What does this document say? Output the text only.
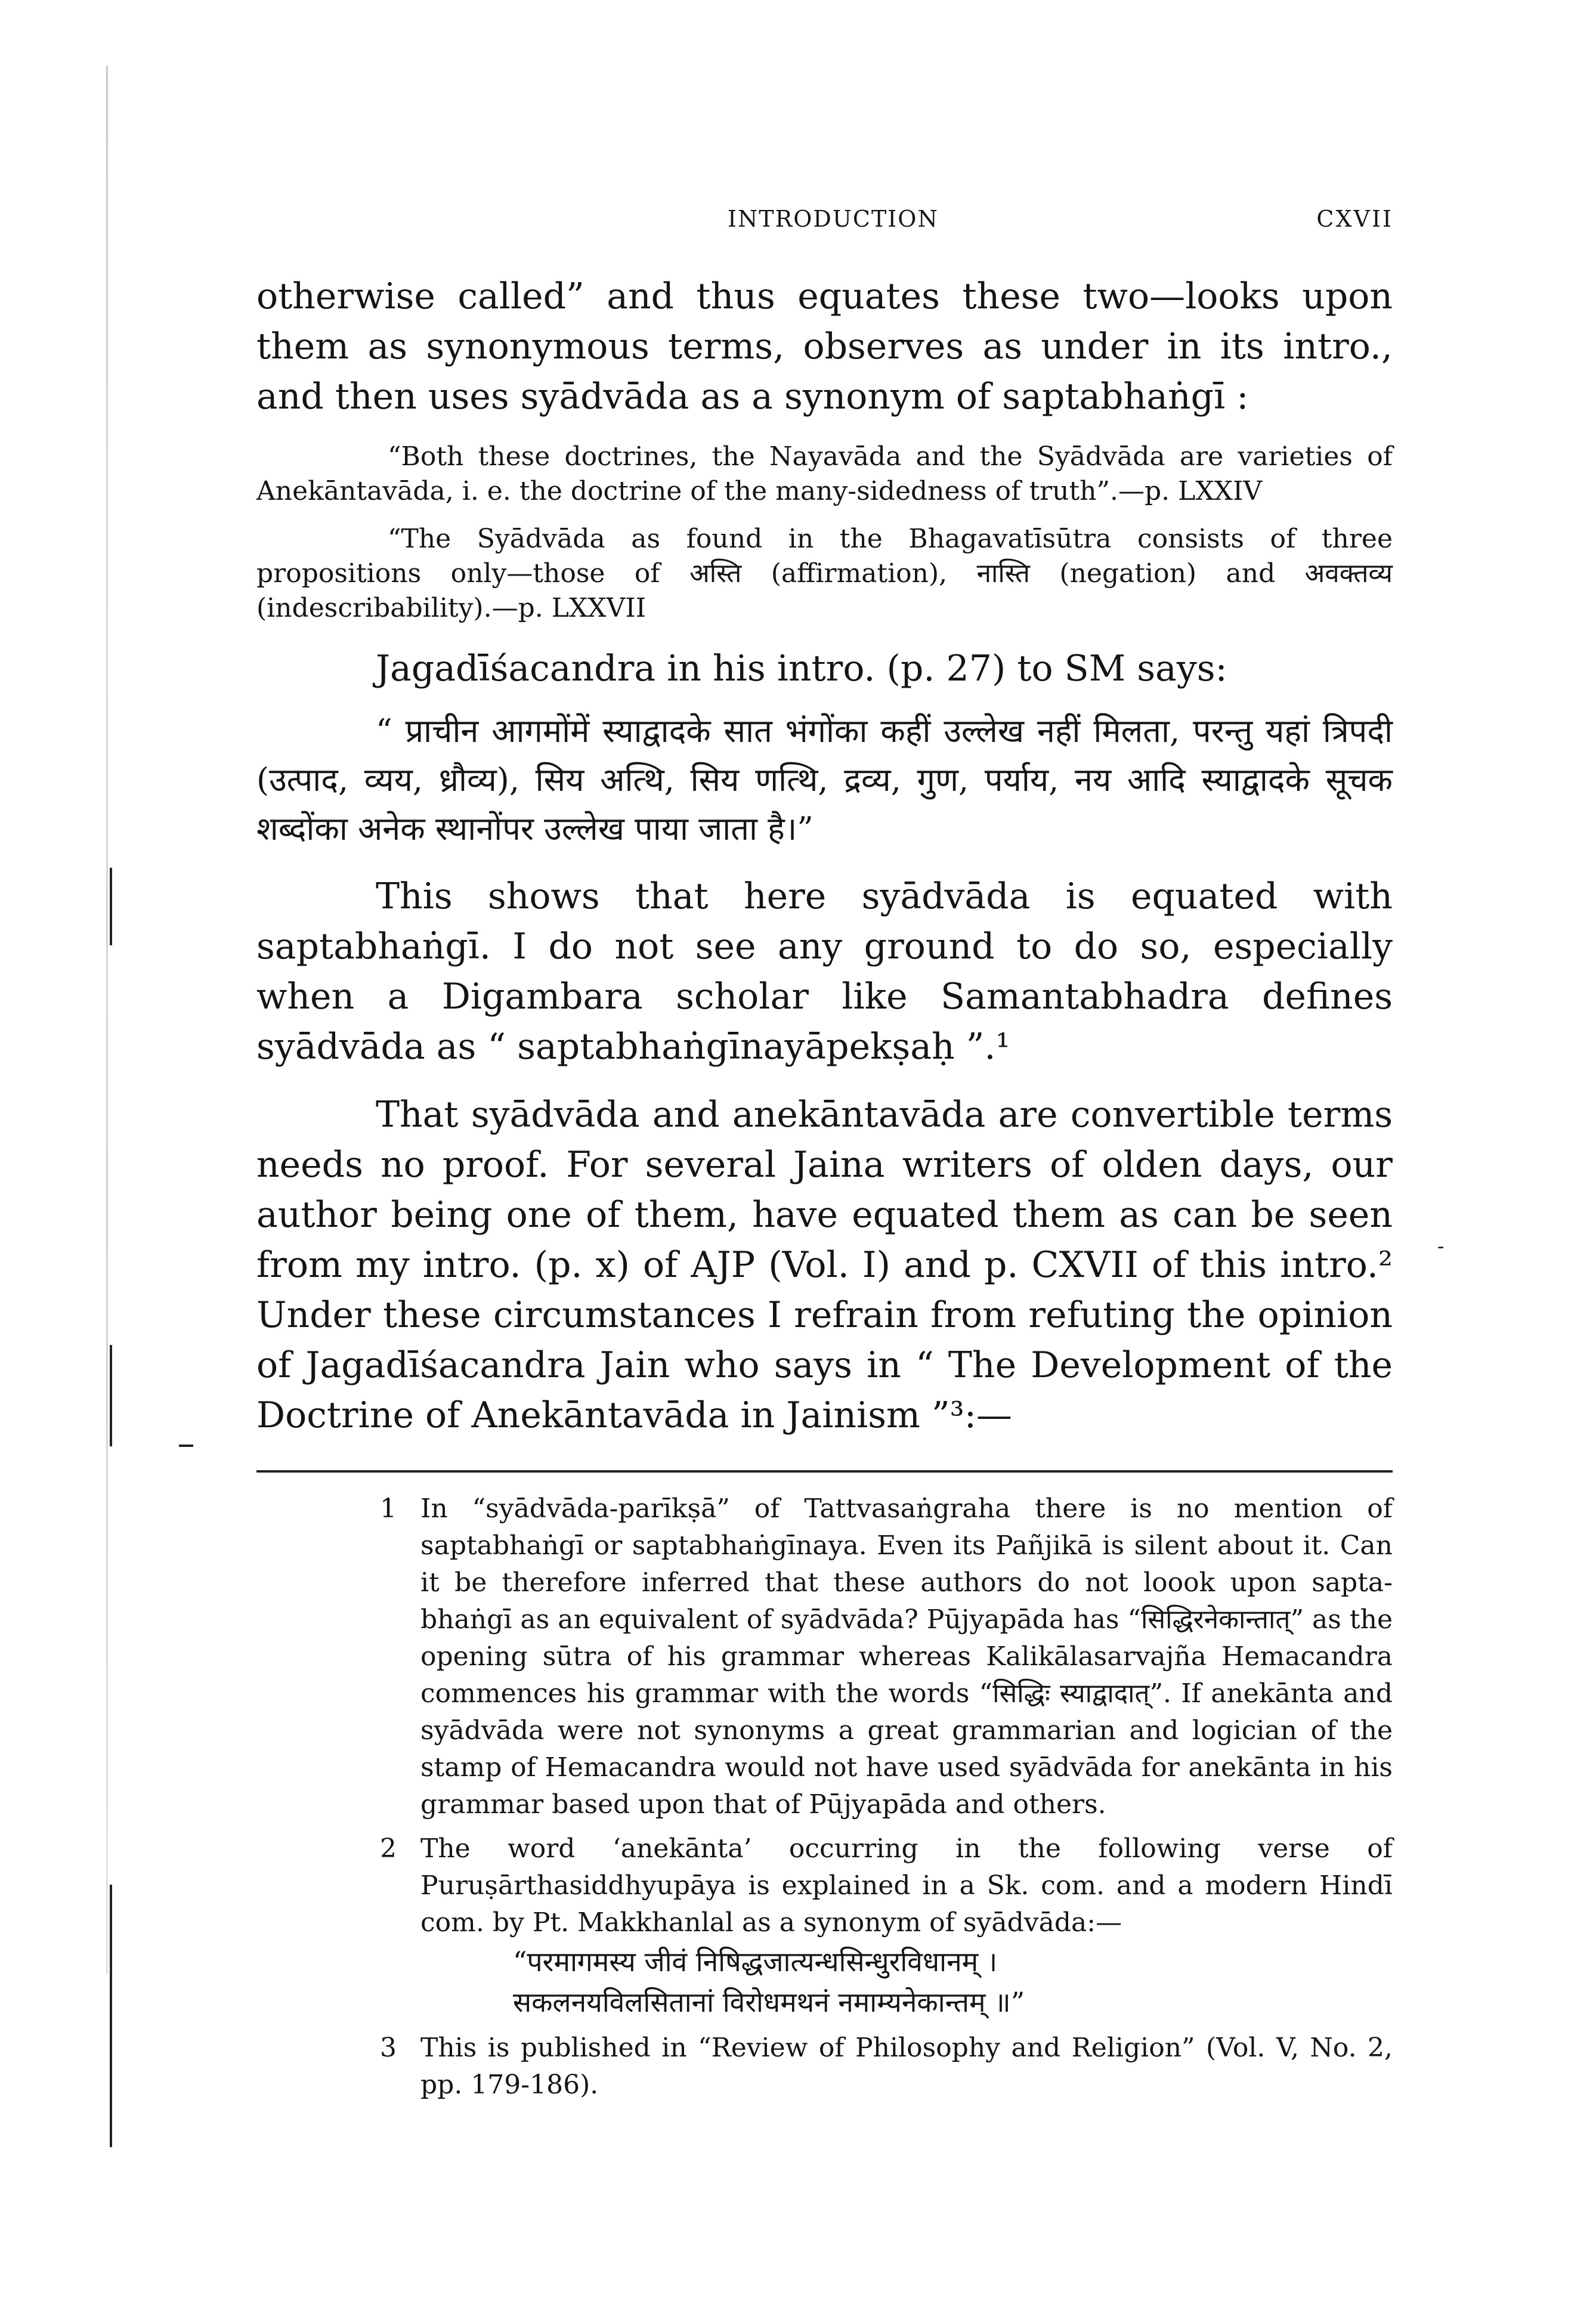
-
INTRODUCTION	CXVII

otherwise called” and thus equates these two—looks upon them as synonymous terms, observes as under in its intro., and then uses syādvāda as a synonym of saptabhaṅgī :

“Both these doctrines, the Nayavāda and the Syādvāda are varieties of Anekāntavāda, i. e. the doctrine of the many-sidedness of truth”.—p. LXXIV

“The Syādvāda as found in the Bhagavatīsūtra consists of three propositions only—those of अस्ति (affirmation), नास्ति (negation) and अवक्तव्य (indescribability).—p. LXXVII

Jagadīśacandra in his intro. (p. 27) to SM says:

“ प्राचीन आगमोंमें स्याद्वादके सात भंगोंका कहीं उल्लेख नहीं मिलता, परन्तु यहां त्रिपदी (उत्पाद, व्यय, ध्रौव्य), सिय अत्थि, सिय णत्थि, द्रव्य, गुण, पर्याय, नय आदि स्याद्वादके सूचक शब्दोंका अनेक स्थानोंपर उल्लेख पाया जाता है।”

This shows that here syādvāda is equated with saptabhaṅgī. I do not see any ground to do so, especially when a Digambara scholar like Samantabhadra defines syādvāda as “ saptabhaṅgīnayāpekṣaḥ ”.¹

That syādvāda and anekāntavāda are convertible terms needs no proof. For several Jaina writers of olden days, our author being one of them, have equated them as can be seen from my intro. (p. x) of AJP (Vol. I) and p. CXVII of this intro.² Under these circumstances I refrain from refuting the opinion of Jagadīśacandra Jain who says in “ The Development of the Doctrine of Anekāntavāda in Jainism ”³:—

1 In “syādvāda-parīkṣā” of Tattvasaṅgraha there is no mention of saptabhaṅgī or saptabhaṅgīnaya. Even its Pañjikā is silent about it. Can it be therefore inferred that these authors do not loook upon sapta-bhaṅgī as an equivalent of syādvāda? Pūjyapāda has “सिद्धिरनेकान्तात्” as the opening sūtra of his grammar whereas Kalikālasarvajña Hemacandra commences his grammar with the words “सिद्धिः स्याद्वादात्”. If anekānta and syādvāda were not synonyms a great grammarian and logician of the stamp of Hemacandra would not have used syādvāda for anekānta in his grammar based upon that of Pūjyapāda and others.
2 The word ‘anekānta’ occurring in the following verse of Puruṣārthasiddhyupāya is explained in a Sk. com. and a modern Hindī com. by Pt. Makkhanlal as a synonym of syādvāda:—
“परमागमस्य जीवं निषिद्धजात्यन्धसिन्धुरविधानम् ।
सकलनयविलसितानां विरोधमथनं नमाम्यनेकान्तम् ॥”
3 This is published in “Review of Philosophy and Religion” (Vol. V, No. 2, pp. 179-186).
